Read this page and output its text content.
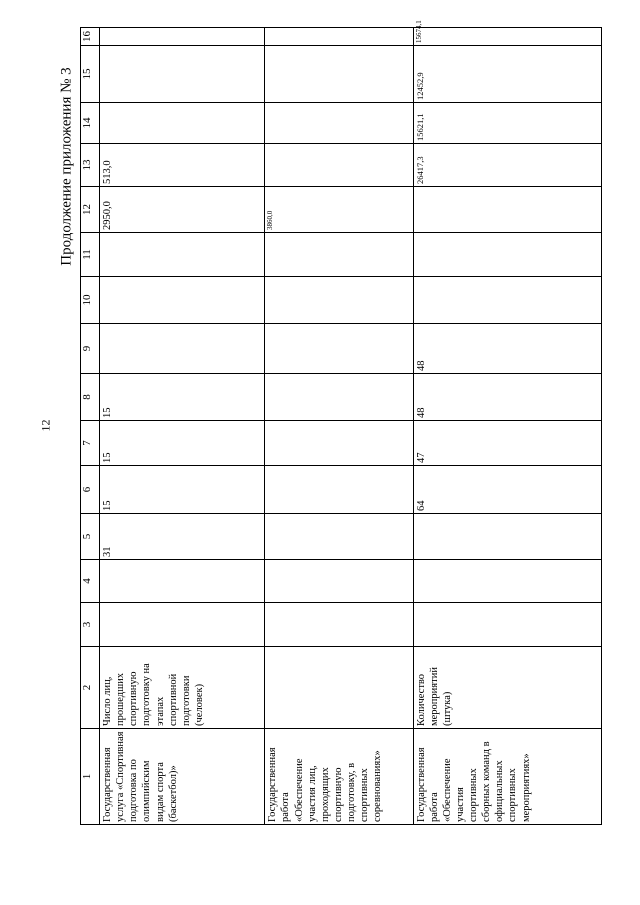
12
Продолжение приложения № 3
1	2	3	4	5	6	7	8	9	10	11	12	13	14	15	16
Государственная услуга «Спортивная подготовка по олимпийским видам спорта (баскетбол)»	Число лиц, прошедших спортивную подготовку на этапах спортивной подготовки (человек)			31	15	15	15				2950,0	513,0			
Государственная работа «Обеспечение участия лиц, проходящих спортивную подготовку, в спортивных соревнованиях»											3860,0				
Государственная работа «Обеспечение участия спортивных сборных команд в официальных спортивных мероприятиях»	Количество мероприятий (штука)				64	47	48	48				26417,3	15621,1	12452,9	15674,1
